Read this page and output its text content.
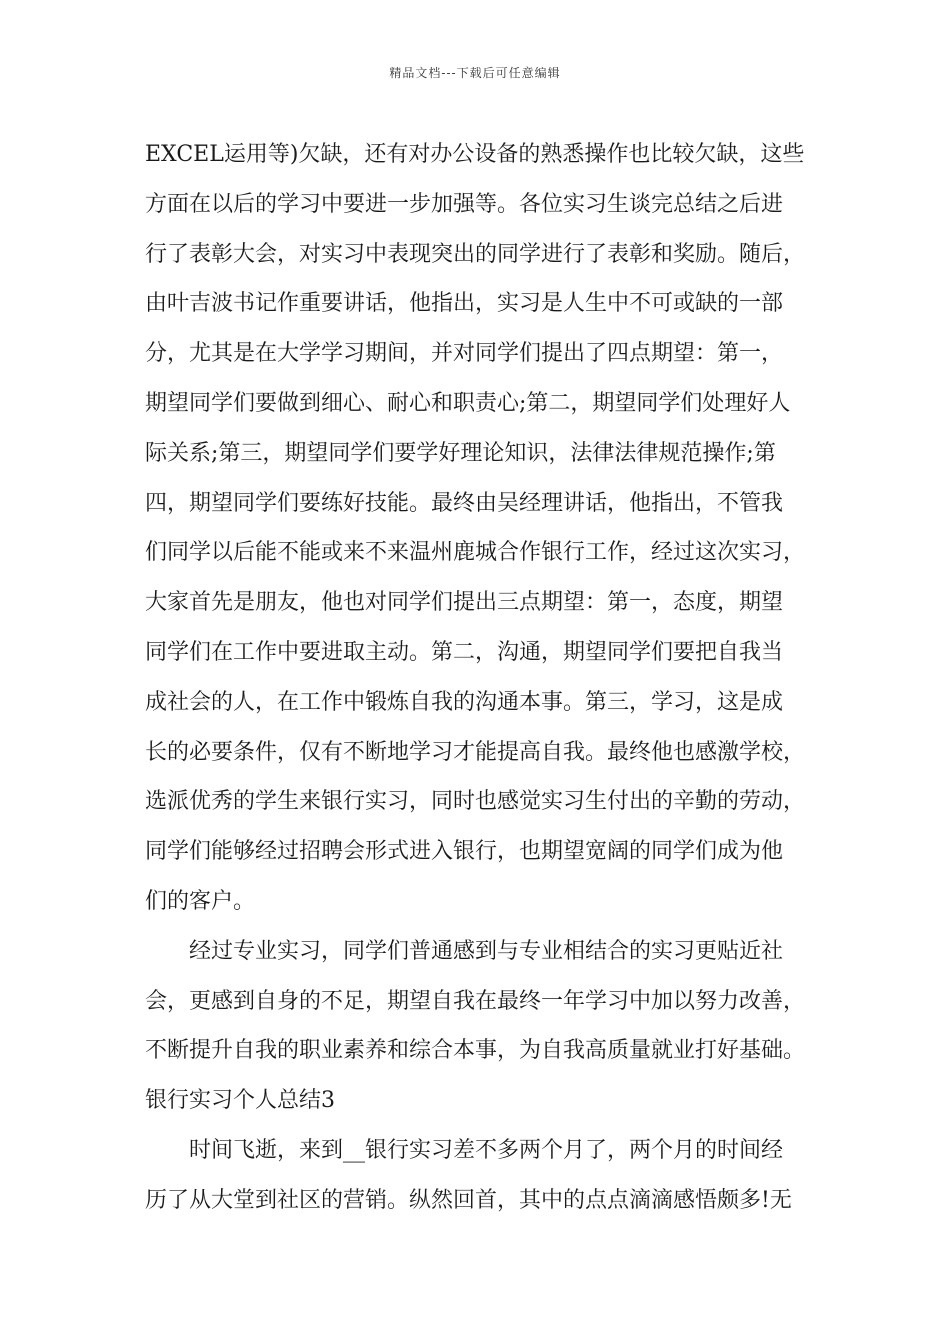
精品文档---下载后可任意编辑
EXCEL运用等)欠缺，还有对办公设备的熟悉操作也比较欠缺，这些
方面在以后的学习中要进一步加强等。各位实习生谈完总结之后进
行了表彰大会，对实习中表现突出的同学进行了表彰和奖励。随后，
由叶吉波书记作重要讲话，他指出，实习是人生中不可或缺的一部
分，尤其是在大学学习期间，并对同学们提出了四点期望：第一，
期望同学们要做到细心、耐心和职责心;第二，期望同学们处理好人
际关系;第三，期望同学们要学好理论知识，法律法律规范操作;第
四，期望同学们要练好技能。最终由吴经理讲话，他指出，不管我
们同学以后能不能或来不来温州鹿城合作银行工作，经过这次实习，
大家首先是朋友，他也对同学们提出三点期望：第一，态度，期望
同学们在工作中要进取主动。第二，沟通，期望同学们要把自我当
成社会的人，在工作中锻炼自我的沟通本事。第三，学习，这是成
长的必要条件，仅有不断地学习才能提高自我。最终他也感激学校，
选派优秀的学生来银行实习，同时也感觉实习生付出的辛勤的劳动，
同学们能够经过招聘会形式进入银行，也期望宽阔的同学们成为他
们的客户。
经过专业实习，同学们普通感到与专业相结合的实习更贴近社
会，更感到自身的不足，期望自我在最终一年学习中加以努力改善，
不断提升自我的职业素养和综合本事，为自我高质量就业打好基础。
银行实习个人总结3
时间飞逝，来到__银行实习差不多两个月了，两个月的时间经
历了从大堂到社区的营销。纵然回首，其中的点点滴滴感悟颇多!无
